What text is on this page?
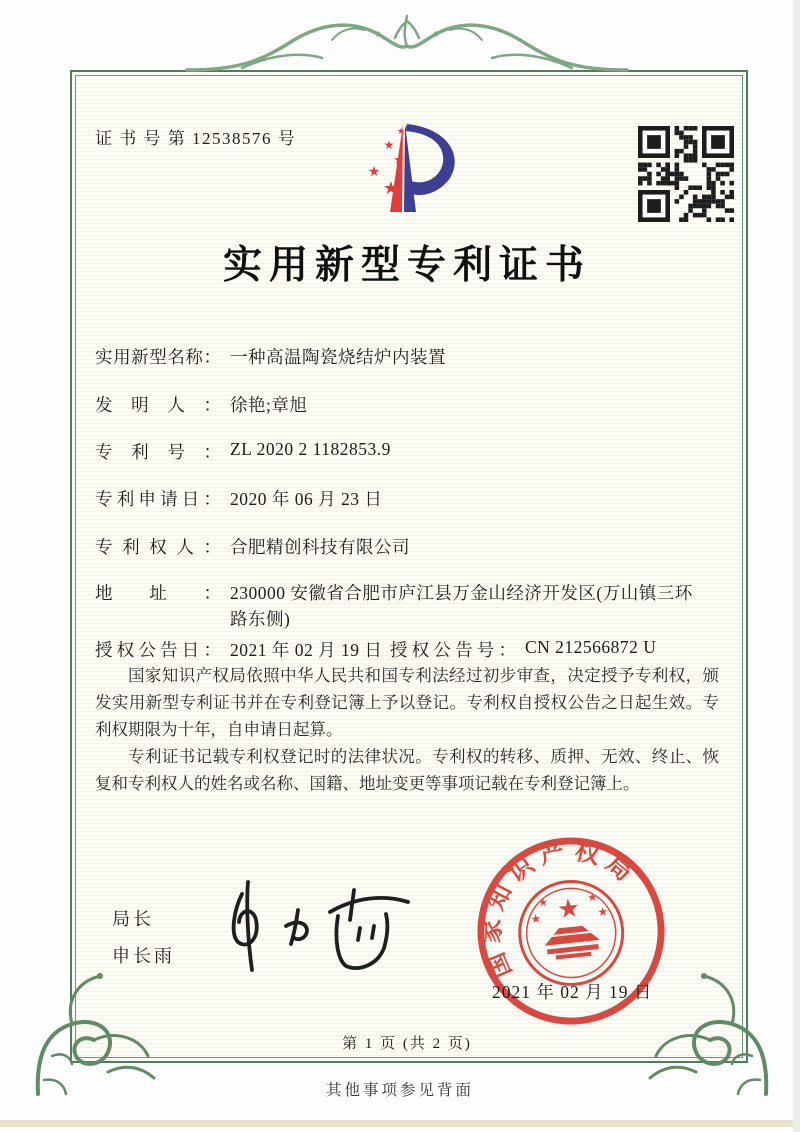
证 书 号 第 12538576 号	★
★
★
★
★
实用新型专利证书
实用新型名称： 一种高温陶瓷烧结炉内装置
发明人： 徐艳;章旭
专利号： ZL 2020 2 1182853.9
专利申请日： 2020 年 06 月 23 日
专利权人： 合肥精创科技有限公司
地址： 230000 安徽省合肥市庐江县万金山经济开发区(万山镇三环路东侧)
授权公告日： 2021 年 02 月 19 日 授权公告号： CN 212566872 U

国家知识产权局依照中华人民共和国专利法经过初步审查，决定授予专利权，颁发实用新型专利证书并在专利登记簿上予以登记。专利权自授权公告之日起生效。专利权期限为十年，自申请日起算。

专利证书记载专利权登记时的法律状况。专利权的转移、质押、无效、终止、恢复和专利权人的姓名或名称、国籍、地址变更等事项记载在专利登记簿上。

局长
申长雨	国家知识产权局
★
★	★
★	★
2021 年 02 月 19 日
第 1 页 (共 2 页)
其他事项参见背面
